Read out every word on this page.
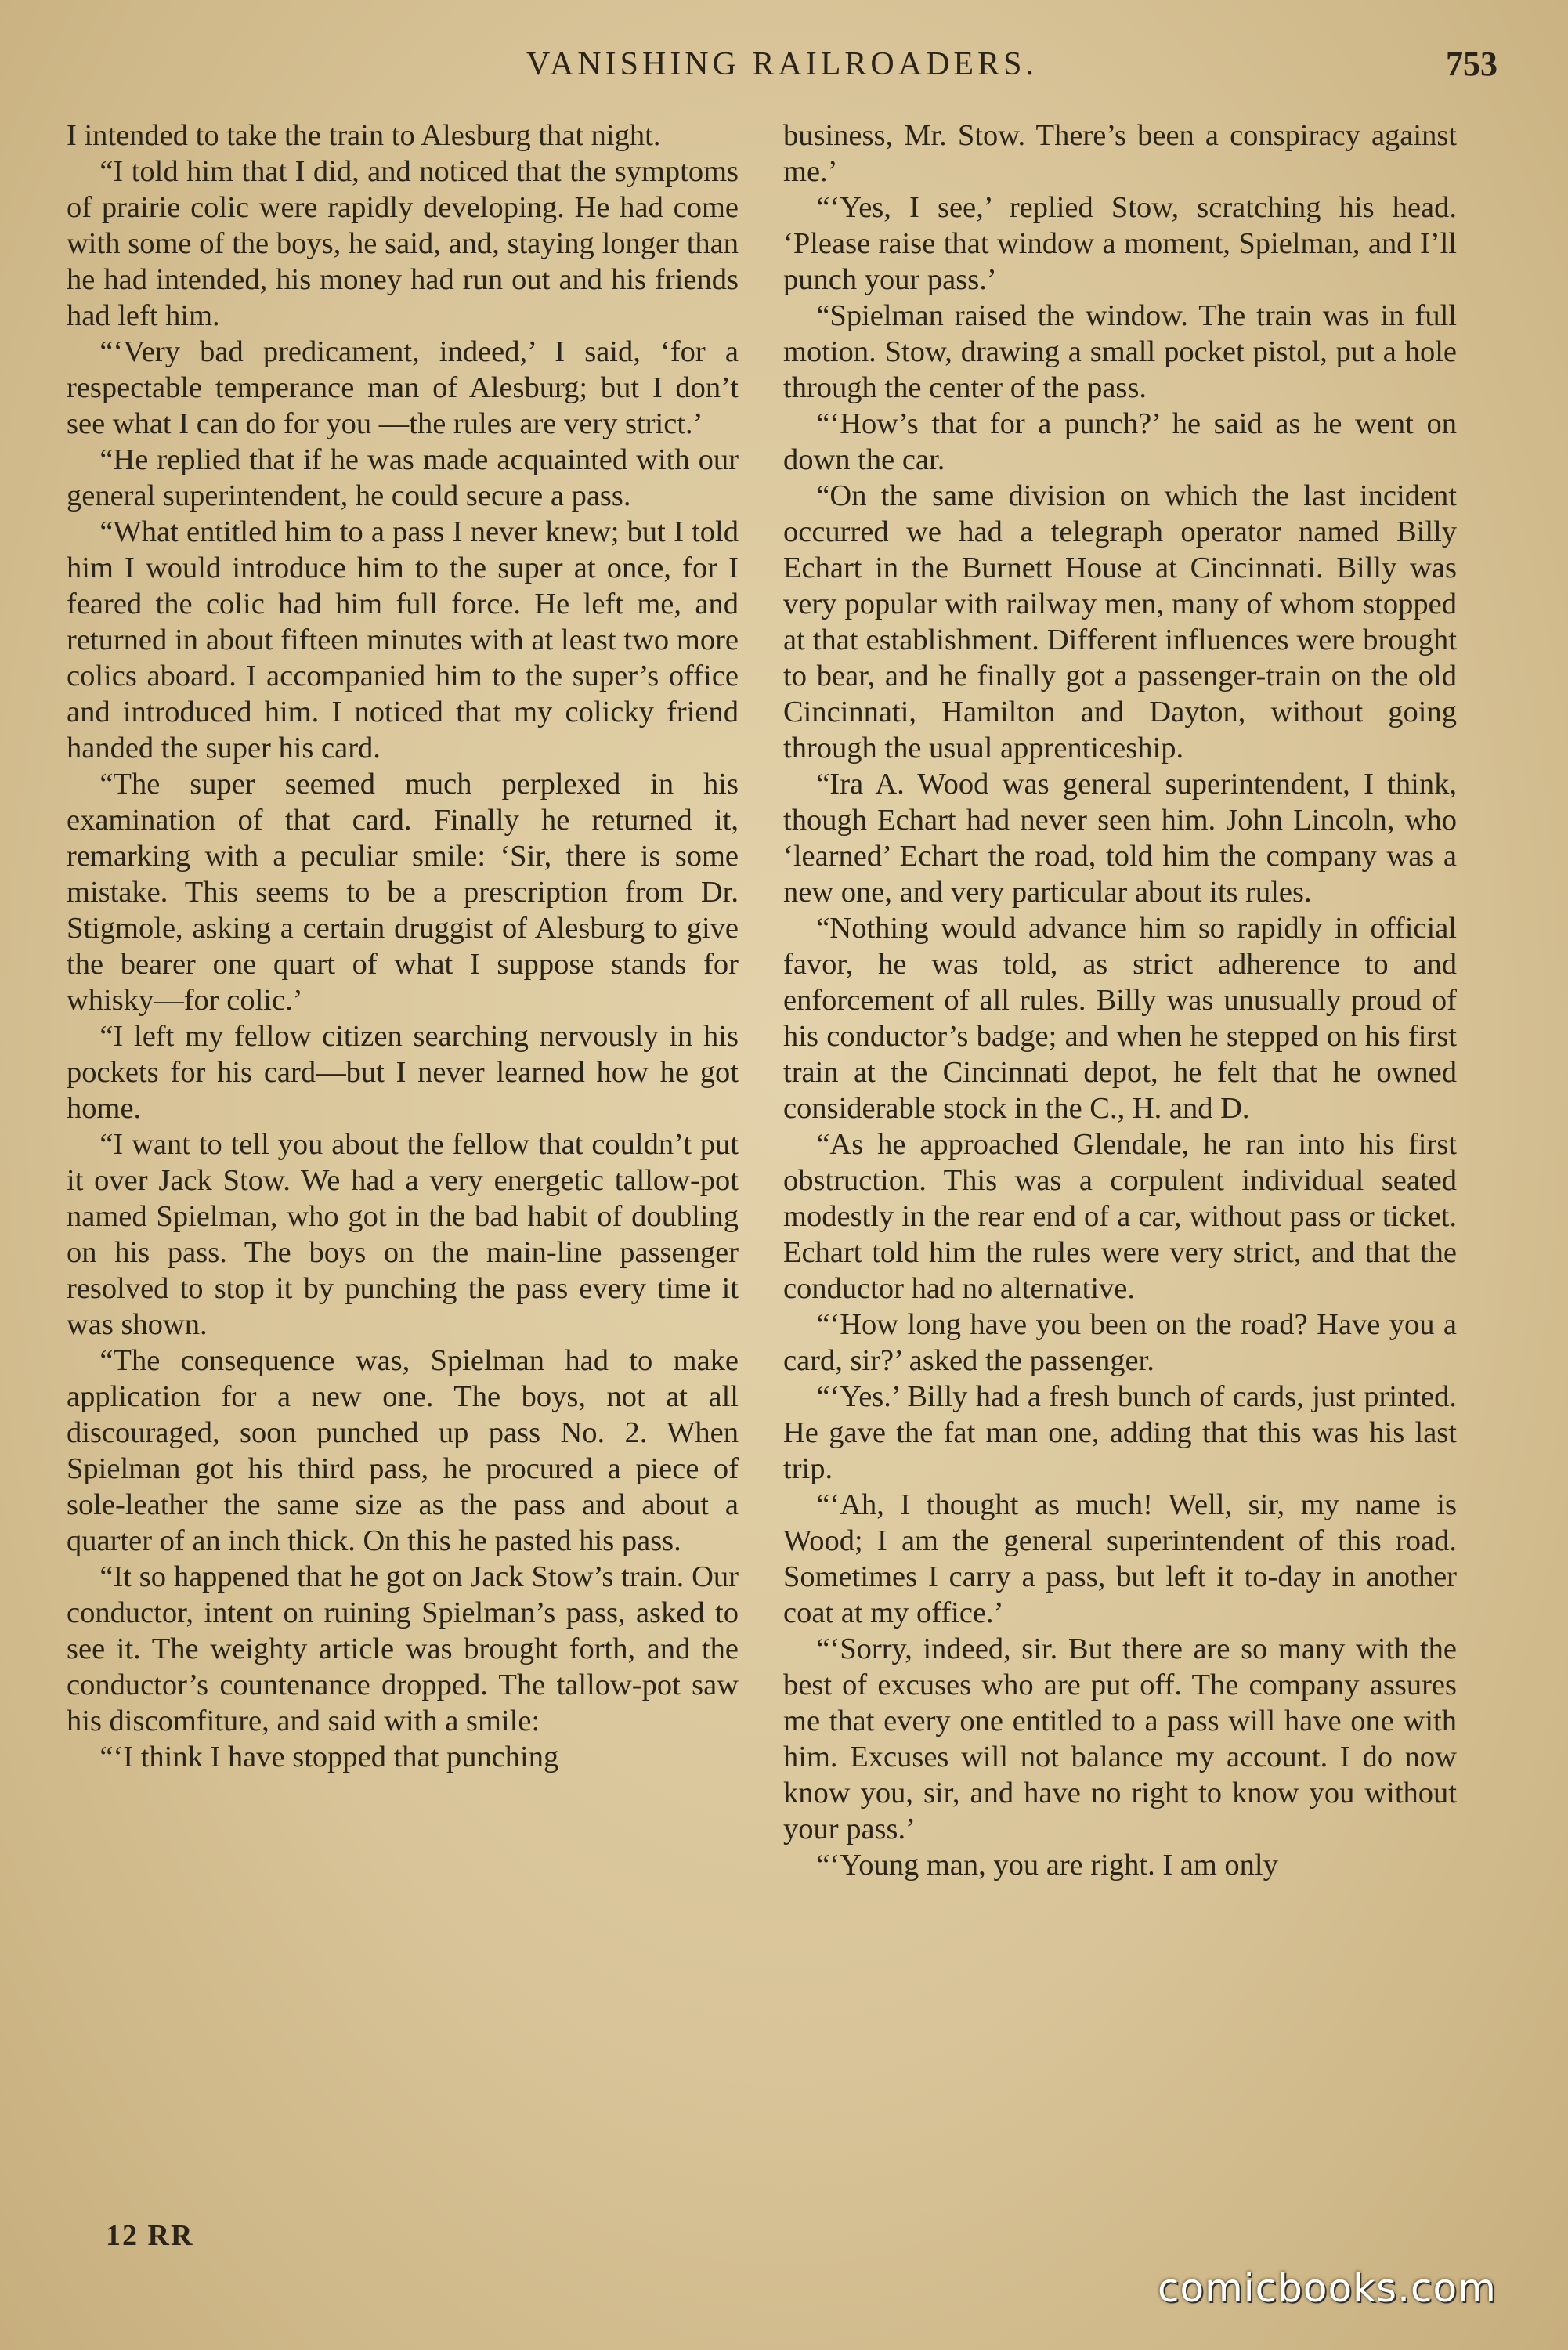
VANISHING RAILROADERS.	753

I intended to take the train to Alesburg that night.

“I told him that I did, and noticed that the symptoms of prairie colic were rapidly developing. He had come with some of the boys, he said, and, staying longer than he had intended, his money had run out and his friends had left him.

“‘Very bad predicament, indeed,’ I said, ‘for a respectable temperance man of Alesburg; but I don’t see what I can do for you —the rules are very strict.’

“He replied that if he was made acquainted with our general superintendent, he could secure a pass.

“What entitled him to a pass I never knew; but I told him I would introduce him to the super at once, for I feared the colic had him full force. He left me, and returned in about fifteen minutes with at least two more colics aboard. I accompanied him to the super’s office and introduced him. I noticed that my colicky friend handed the super his card.

“The super seemed much perplexed in his examination of that card. Finally he returned it, remarking with a peculiar smile: ‘Sir, there is some mistake. This seems to be a prescription from Dr. Stigmole, asking a certain druggist of Alesburg to give the bearer one quart of what I suppose stands for whisky—for colic.’

“I left my fellow citizen searching nervously in his pockets for his card—but I never learned how he got home.

“I want to tell you about the fellow that couldn’t put it over Jack Stow. We had a very energetic tallow-pot named Spielman, who got in the bad habit of doubling on his pass. The boys on the main-line passenger resolved to stop it by punching the pass every time it was shown.

“The consequence was, Spielman had to make application for a new one. The boys, not at all discouraged, soon punched up pass No. 2. When Spielman got his third pass, he procured a piece of sole-leather the same size as the pass and about a quarter of an inch thick. On this he pasted his pass.

“It so happened that he got on Jack Stow’s train. Our conductor, intent on ruining Spielman’s pass, asked to see it. The weighty article was brought forth, and the conductor’s countenance dropped. The tallow-pot saw his discomfiture, and said with a smile:

“‘I think I have stopped that punching

business, Mr. Stow. There’s been a conspiracy against me.’

“‘Yes, I see,’ replied Stow, scratching his head. ‘Please raise that window a moment, Spielman, and I’ll punch your pass.’

“Spielman raised the window. The train was in full motion. Stow, drawing a small pocket pistol, put a hole through the center of the pass.

“‘How’s that for a punch?’ he said as he went on down the car.

“On the same division on which the last incident occurred we had a telegraph operator named Billy Echart in the Burnett House at Cincinnati. Billy was very popular with railway men, many of whom stopped at that establishment. Different influences were brought to bear, and he finally got a passenger-train on the old Cincinnati, Hamilton and Dayton, without going through the usual apprenticeship.

“Ira A. Wood was general superintendent, I think, though Echart had never seen him. John Lincoln, who ‘learned’ Echart the road, told him the company was a new one, and very particular about its rules.

“Nothing would advance him so rapidly in official favor, he was told, as strict adherence to and enforcement of all rules. Billy was unusually proud of his conductor’s badge; and when he stepped on his first train at the Cincinnati depot, he felt that he owned considerable stock in the C., H. and D.

“As he approached Glendale, he ran into his first obstruction. This was a corpulent individual seated modestly in the rear end of a car, without pass or ticket. Echart told him the rules were very strict, and that the conductor had no alternative.

“‘How long have you been on the road? Have you a card, sir?’ asked the passenger.

“‘Yes.’ Billy had a fresh bunch of cards, just printed. He gave the fat man one, adding that this was his last trip.

“‘Ah, I thought as much! Well, sir, my name is Wood; I am the general superintendent of this road. Sometimes I carry a pass, but left it to-day in another coat at my office.’

“‘Sorry, indeed, sir. But there are so many with the best of excuses who are put off. The company assures me that every one entitled to a pass will have one with him. Excuses will not balance my account. I do now know you, sir, and have no right to know you without your pass.’

“‘Young man, you are right. I am only

12 RR
comicbooks.com
